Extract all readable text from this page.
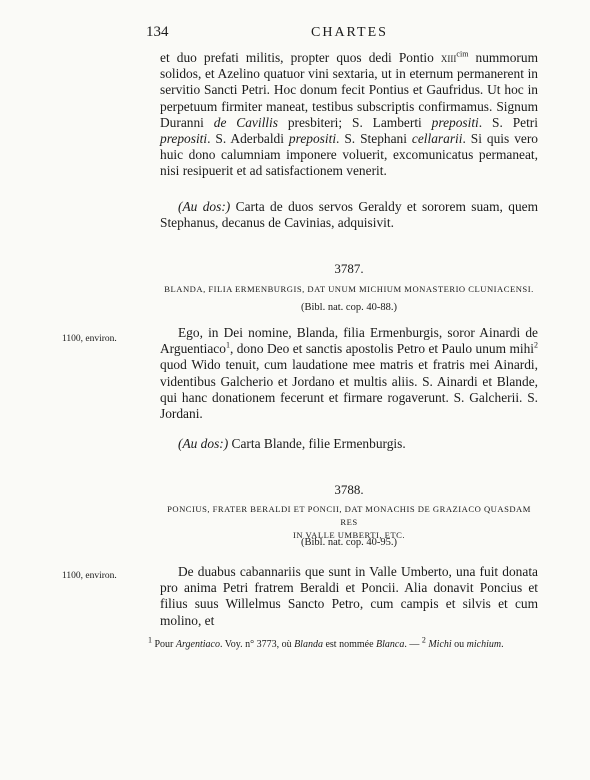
134	CHARTES

et duo prefati militis, propter quos dedi Pontio xiii$^{cim}$ nummorum solidos, et Azelino quatuor vini sextaria, ut in eternum permanerent in servitio Sancti Petri. Hoc donum fecit Pontius et Gaufridus. Ut hoc in perpetuum firmiter maneat, testibus subscriptis confirmamus. Signum Duranni de Cavillis presbiteri; S. Lamberti prepositi. S. Petri prepositi. S. Aderbaldi prepositi. S. Stephani cellararii. Si quis vero huic dono calumniam imponere voluerit, excomunicatus permaneat, nisi resipuerit et ad satisfactionem venerit.

(Au dos:) Carta de duos servos Geraldy et sororem suam, quem Stephanus, decanus de Cavinias, adquisivit.

3787.
BLANDA, FILIA ERMENBURGIS, DAT UNUM MICHIUM MONASTERIO CLUNIACENSI.
(Bibl. nat. cop. 40-88.)
1100, environ.	Ego, in Dei nomine, Blanda, filia Ermenburgis, soror Ainardi de Arguentiaco$^1$, dono Deo et sanctis apostolis Petro et Paulo unum mihi$^2$ quod Wido tenuit, cum laudatione mee matris et fratris mei Ainardi, videntibus Galcherio et Jordano et multis aliis. S. Ainardi et Blande, qui hanc donationem fecerunt et firmare rogaverunt. S. Galcherii. S. Jordani.

(Au dos:) Carta Blande, filie Ermenburgis.

3788.
PONCIUS, FRATER BERALDI ET PONCII, DAT MONACHIS DE GRAZIACO QUASDAM RES
IN VALLE UMBERTI, ETC.
(Bibl. nat. cop. 40-95.)
1100, environ.	De duabus cabannariis que sunt in Valle Umberto, una fuit donata pro anima Petri fratrem Beraldi et Poncii. Alia donavit Poncius et filius suus Willelmus Sancto Petro, cum campis et silvis et cum molino, et

$^1$ Pour Argentiaco. Voy. n° 3773, où Blanda est nommée Blanca. — $^2$ Michi ou michium.
